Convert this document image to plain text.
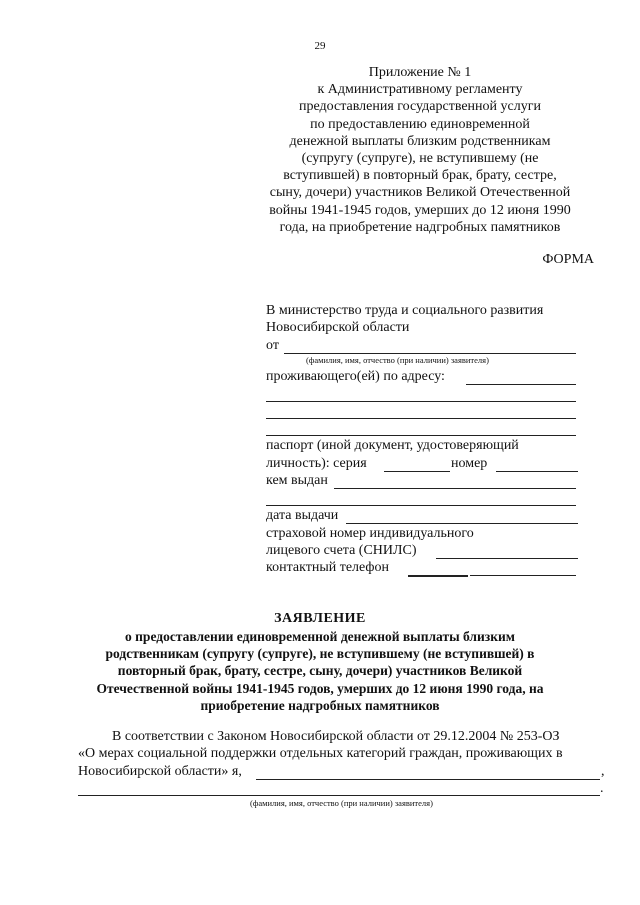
29
Приложение № 1
к Административному регламенту
предоставления государственной услуги
по предоставлению единовременной
денежной выплаты близким родственникам
(супругу (супруге), не вступившему (не
вступившей) в повторный брак, брату, сестре,
сыну, дочери) участников Великой Отечественной
войны 1941-1945 годов, умерших до 12 июня 1990
года, на приобретение надгробных памятников
ФОРМА
В министерство труда и социального развития
Новосибирской области
от
(фамилия, имя, отчество (при наличии) заявителя)
проживающего(ей) по адресу:
паспорт (иной документ, удостоверяющий
личность): серия	номер
кем выдан
дата выдачи
страховой номер индивидуального
лицевого счета (СНИЛС)
контактный телефон
ЗАЯВЛЕНИЕ
о предоставлении единовременной денежной выплаты близким
родственникам (супругу (супруге), не вступившему (не вступившей) в
повторный брак, брату, сестре, сыну, дочери) участников Великой
Отечественной войны 1941-1945 годов, умерших до 12 июня 1990 года, на
приобретение надгробных памятников
В соответствии с Законом Новосибирской области от 29.12.2004 № 253-ОЗ
«О мерах социальной поддержки отдельных категорий граждан, проживающих в
Новосибирской области» я,	,
.
(фамилия, имя, отчество (при наличии) заявителя)
